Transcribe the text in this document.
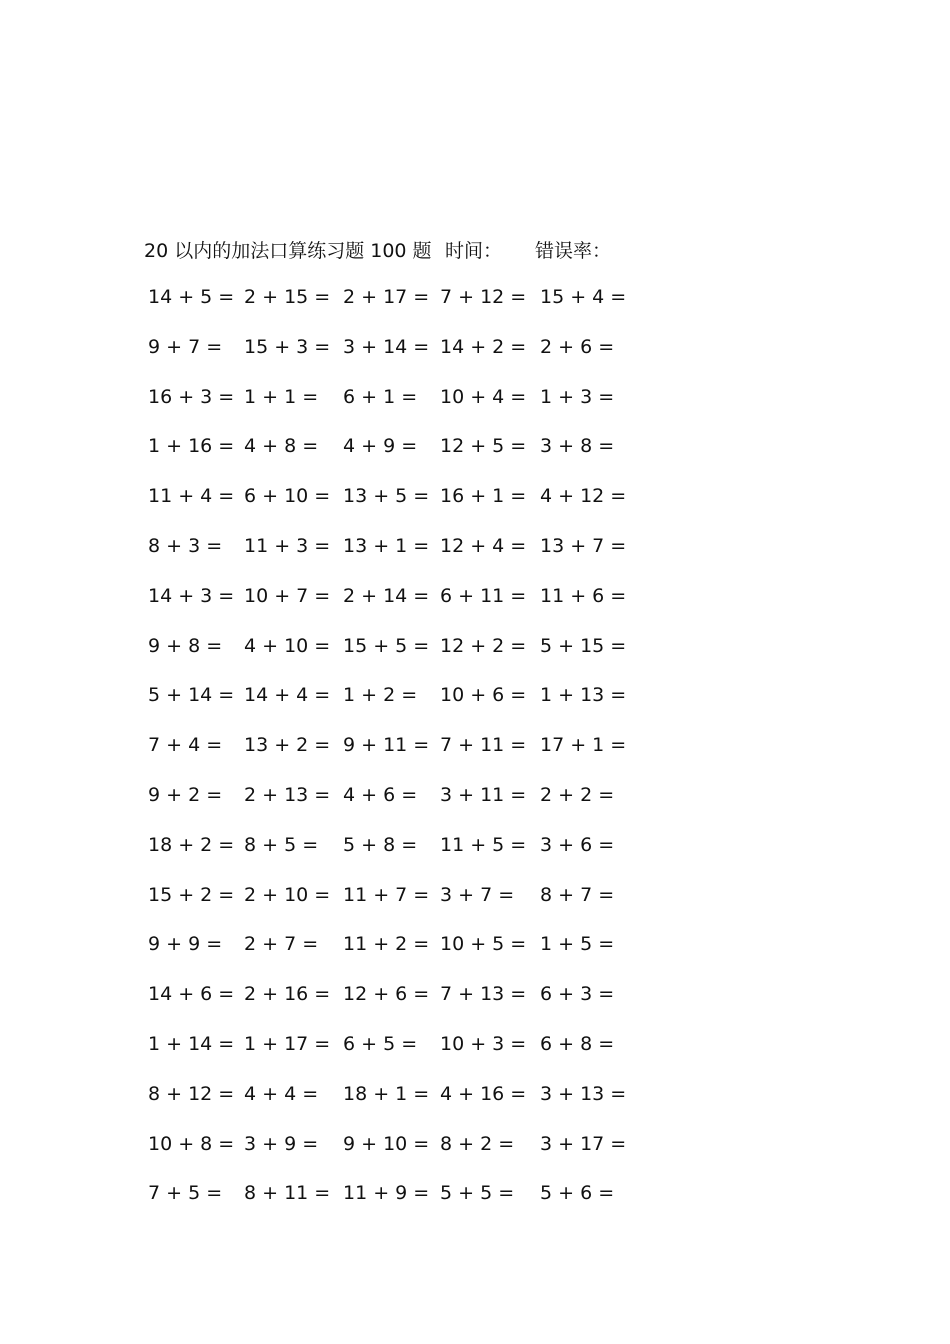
20 以内的加法口算练习题 100 题 时间： 错误率：
14 + 5 = 2 + 15 = 2 + 17 = 7 + 12 = 15 + 4 =
9 + 7 = 15 + 3 = 3 + 14 = 14 + 2 = 2 + 6 =
16 + 3 = 1 + 1 = 6 + 1 = 10 + 4 = 1 + 3 =
1 + 16 = 4 + 8 = 4 + 9 = 12 + 5 = 3 + 8 =
11 + 4 = 6 + 10 = 13 + 5 = 16 + 1 = 4 + 12 =
8 + 3 = 11 + 3 = 13 + 1 = 12 + 4 = 13 + 7 =
14 + 3 = 10 + 7 = 2 + 14 = 6 + 11 = 11 + 6 =
9 + 8 = 4 + 10 = 15 + 5 = 12 + 2 = 5 + 15 =
5 + 14 = 14 + 4 = 1 + 2 = 10 + 6 = 1 + 13 =
7 + 4 = 13 + 2 = 9 + 11 = 7 + 11 = 17 + 1 =
9 + 2 = 2 + 13 = 4 + 6 = 3 + 11 = 2 + 2 =
18 + 2 = 8 + 5 = 5 + 8 = 11 + 5 = 3 + 6 =
15 + 2 = 2 + 10 = 11 + 7 = 3 + 7 = 8 + 7 =
9 + 9 = 2 + 7 = 11 + 2 = 10 + 5 = 1 + 5 =
14 + 6 = 2 + 16 = 12 + 6 = 7 + 13 = 6 + 3 =
1 + 14 = 1 + 17 = 6 + 5 = 10 + 3 = 6 + 8 =
8 + 12 = 4 + 4 = 18 + 1 = 4 + 16 = 3 + 13 =
10 + 8 = 3 + 9 = 9 + 10 = 8 + 2 = 3 + 17 =
7 + 5 = 8 + 11 = 11 + 9 = 5 + 5 = 5 + 6 =
